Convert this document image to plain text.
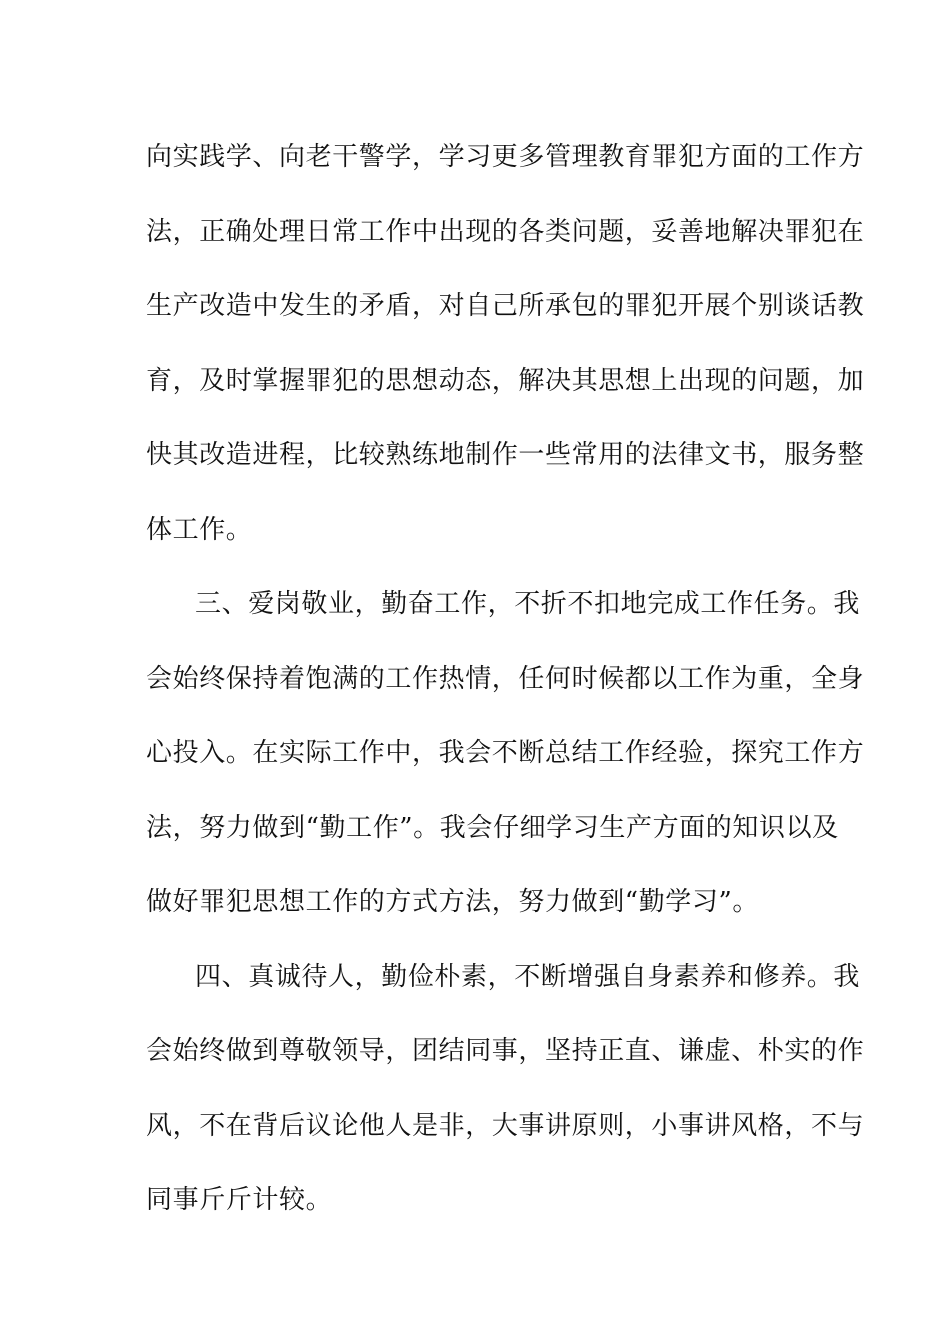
向实践学、向老干警学，学习更多管理教育罪犯方面的工作方
法，正确处理日常工作中出现的各类问题，妥善地解决罪犯在
生产改造中发生的矛盾，对自己所承包的罪犯开展个别谈话教
育，及时掌握罪犯的思想动态，解决其思想上出现的问题，加
快其改造进程，比较熟练地制作一些常用的法律文书，服务整
体工作。
三、爱岗敬业，勤奋工作，不折不扣地完成工作任务。我
会始终保持着饱满的工作热情，任何时候都以工作为重，全身
心投入。在实际工作中，我会不断总结工作经验，探究工作方
法，努力做到“勤工作”。我会仔细学习生产方面的知识以及
做好罪犯思想工作的方式方法，努力做到“勤学习”。
四、真诚待人，勤俭朴素，不断增强自身素养和修养。我
会始终做到尊敬领导，团结同事，坚持正直、谦虚、朴实的作
风，不在背后议论他人是非，大事讲原则，小事讲风格，不与
同事斤斤计较。
